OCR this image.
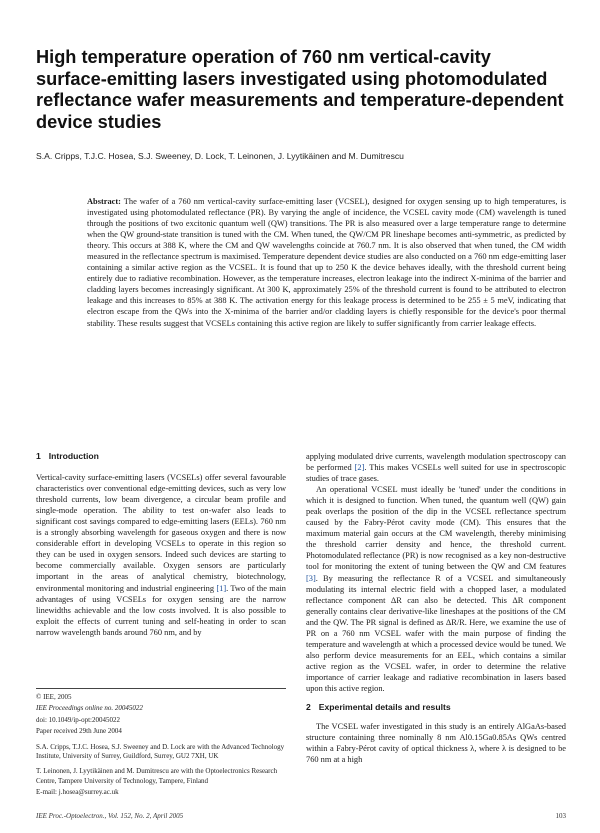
High temperature operation of 760 nm vertical-cavity surface-emitting lasers investigated using photomodulated reflectance wafer measurements and temperature-dependent device studies

S.A. Cripps, T.J.C. Hosea, S.J. Sweeney, D. Lock, T. Leinonen, J. Lyytikäinen and M. Dumitrescu

Abstract: The wafer of a 760 nm vertical-cavity surface-emitting laser (VCSEL), designed for oxygen sensing up to high temperatures, is investigated using photomodulated reflectance (PR). By varying the angle of incidence, the VCSEL cavity mode (CM) wavelength is tuned through the positions of two excitonic quantum well (QW) transitions. The PR is also measured over a large temperature range to determine when the QW ground-state transition is tuned with the CM. When tuned, the QW/CM PR lineshape becomes anti-symmetric, as predicted by theory. This occurs at 388 K, where the CM and QW wavelengths coincide at 760.7 nm. It is also observed that when tuned, the CM width measured in the reflectance spectrum is maximised. Temperature dependent device studies are also conducted on a 760 nm edge-emitting laser containing a similar active region as the VCSEL. It is found that up to 250 K the device behaves ideally, with the threshold current being entirely due to radiative recombination. However, as the temperature increases, electron leakage into the indirect X-minima of the barrier and cladding layers becomes increasingly significant. At 300 K, approximately 25% of the threshold current is found to be attributed to electron leakage and this increases to 85% at 388 K. The activation energy for this leakage process is determined to be 255 ± 5 meV, indicating that electron escape from the QWs into the X-minima of the barrier and/or cladding layers is chiefly responsible for the device's poor thermal stability. These results suggest that VCSELs containing this active region are likely to suffer significantly from carrier leakage effects.

1 Introduction

Vertical-cavity surface-emitting lasers (VCSELs) offer several favourable characteristics over conventional edge-emitting devices, such as very low threshold currents, low beam divergence, a circular beam profile and single-mode operation. The ability to test on-wafer also leads to significant cost savings compared to edge-emitting lasers (EELs). 760 nm is a strongly absorbing wavelength for gaseous oxygen and there is now considerable effort in developing VCSELs to operate in this region so they can be used in oxygen sensors. Indeed such devices are starting to become commercially available. Oxygen sensors are particularly important in the areas of analytical chemistry, biotechnology, environmental monitoring and industrial engineering [1]. Two of the main advantages of using VCSELs for oxygen sensing are the narrow linewidths achievable and the low costs involved. It is also possible to exploit the effects of current tuning and self-heating in order to scan narrow wavelength bands around 760 nm, and by

© IEE, 2005

IEE Proceedings online no. 20045022

doi: 10.1049/ip-opt:20045022

Paper received 29th June 2004

S.A. Cripps, T.J.C. Hosea, S.J. Sweeney and D. Lock are with the Advanced Technology Institute, University of Surrey, Guildford, Surrey, GU2 7XH, UK

T. Leinonen, J. Lyytikäinen and M. Dumitrescu are with the Optoelectronics Research Centre, Tampere University of Technology, Tampere, Finland

E-mail: j.hosea@surrey.ac.uk

applying modulated drive currents, wavelength modulation spectroscopy can be performed [2]. This makes VCSELs well suited for use in spectroscopic studies of trace gases.

An operational VCSEL must ideally be 'tuned' under the conditions in which it is designed to function. When tuned, the quantum well (QW) gain peak overlaps the position of the dip in the VCSEL reflectance spectrum caused by the Fabry-Pérot cavity mode (CM). This ensures that the maximum material gain occurs at the CM wavelength, thereby minimising the threshold carrier density and hence, the threshold current. Photomodulated reflectance (PR) is now recognised as a key non-destructive tool for monitoring the extent of tuning between the QW and CM features [3]. By measuring the reflectance R of a VCSEL and simultaneously modulating its internal electric field with a chopped laser, a modulated reflectance component ΔR can also be detected. This ΔR component generally contains clear derivative-like lineshapes at the positions of the CM and the QW. The PR signal is defined as ΔR/R. Here, we examine the use of PR on a 760 nm VCSEL wafer with the main purpose of finding the temperature and wavelength at which a processed device would be tuned. We also perform device measurements for an EEL, which contains a similar active region as the VCSEL wafer, in order to determine the relative importance of carrier leakage and radiative recombination in lasers based upon this active region.

2 Experimental details and results

The VCSEL wafer investigated in this study is an entirely AlGaAs-based structure containing three nominally 8 nm Al0.15Ga0.85As QWs centred within a Fabry-Pérot cavity of optical thickness λ, where λ is designed to be 760 nm at a high

IEE Proc.-Optoelectron., Vol. 152, No. 2, April 2005	103
